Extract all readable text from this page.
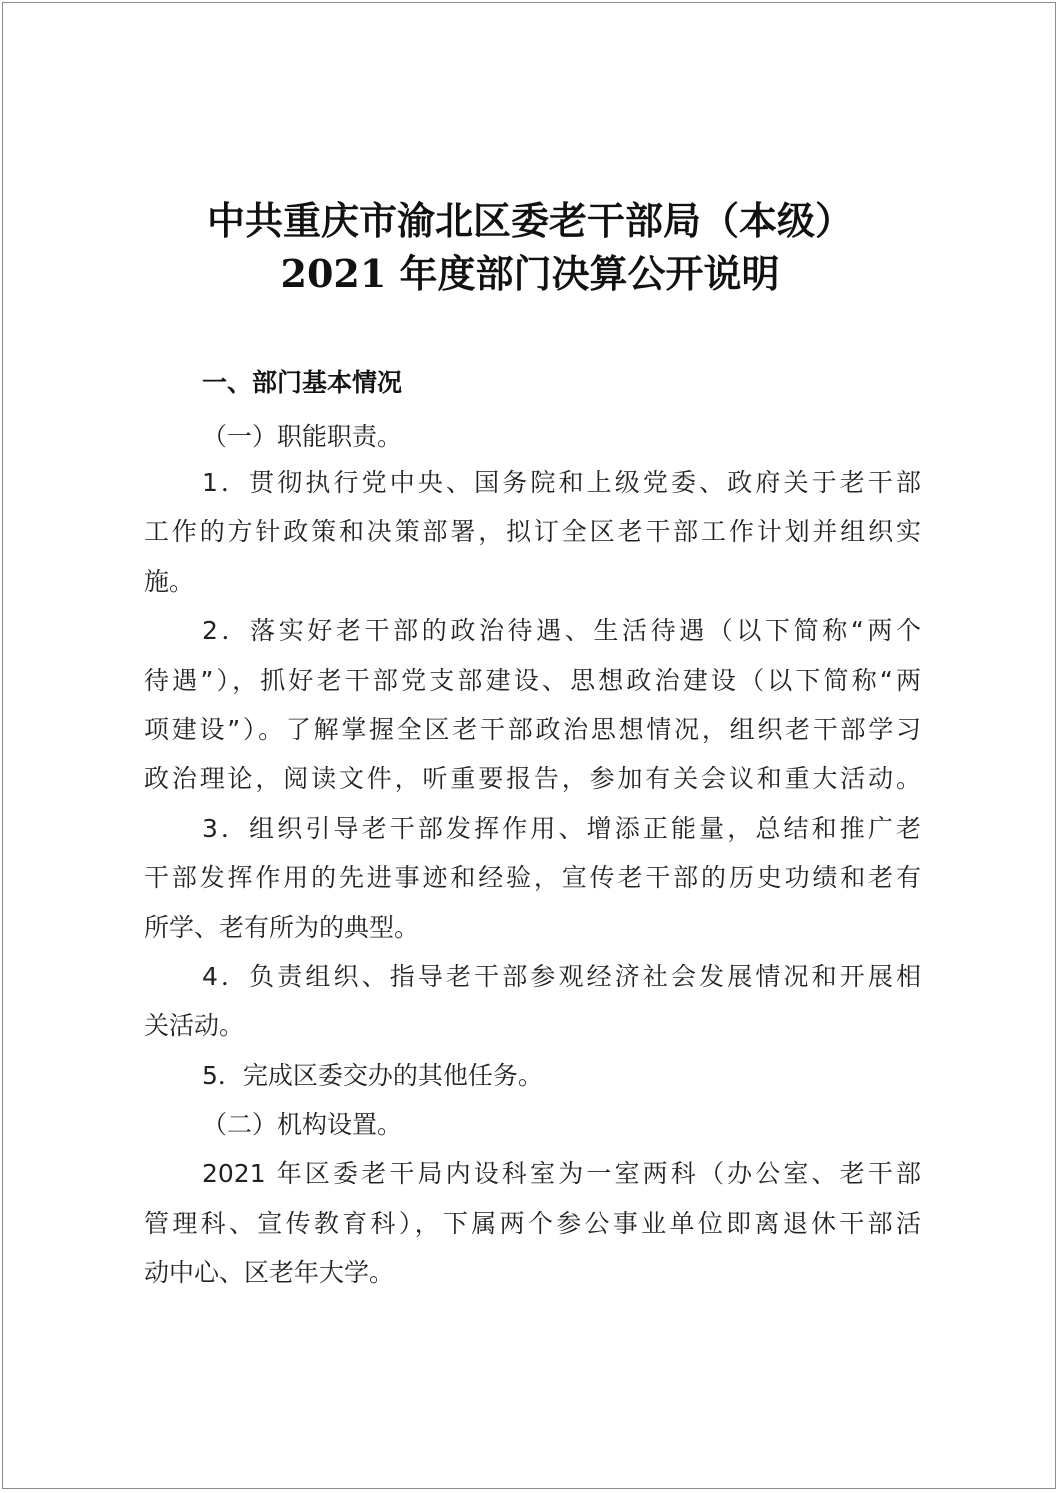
中共重庆市渝北区委老干部局（本级）
2021 年度部门决算公开说明
一、部门基本情况
（一）职能职责。
1．贯彻执行党中央、国务院和上级党委、政府关于老干部
工作的方针政策和决策部署，拟订全区老干部工作计划并组织实
施。
2．落实好老干部的政治待遇、生活待遇（以下简称“两个
待遇”），抓好老干部党支部建设、思想政治建设（以下简称“两
项建设”）。了解掌握全区老干部政治思想情况，组织老干部学习
政治理论，阅读文件，听重要报告，参加有关会议和重大活动。
3．组织引导老干部发挥作用、增添正能量，总结和推广老
干部发挥作用的先进事迹和经验，宣传老干部的历史功绩和老有
所学、老有所为的典型。
4．负责组织、指导老干部参观经济社会发展情况和开展相
关活动。
5．完成区委交办的其他任务。
（二）机构设置。
2021 年区委老干局内设科室为一室两科（办公室、老干部
管理科、宣传教育科），下属两个参公事业单位即离退休干部活
动中心、区老年大学。
